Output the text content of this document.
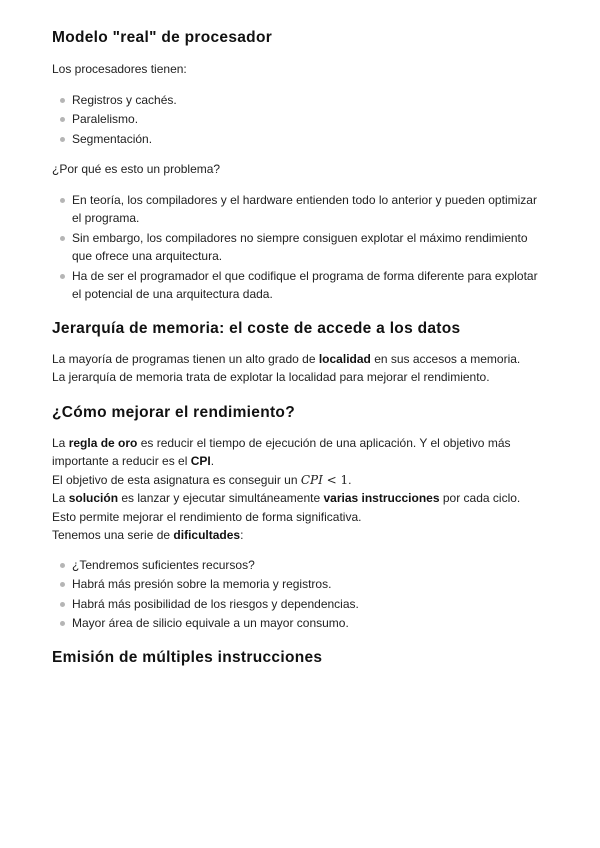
Modelo "real" de procesador

Los procesadores tienen:

Registros y cachés.
Paralelismo.
Segmentación.

¿Por qué es esto un problema?

En teoría, los compiladores y el hardware entienden todo lo anterior y pueden optimizar el programa.
Sin embargo, los compiladores no siempre consiguen explotar el máximo rendimiento que ofrece una arquitectura.
Ha de ser el programador el que codifique el programa de forma diferente para explotar el potencial de una arquitectura dada.
Jerarquía de memoria: el coste de accede a los datos

La mayoría de programas tienen un alto grado de localidad en sus accesos a memoria.

La jerarquía de memoria trata de explotar la localidad para mejorar el rendimiento.

¿Cómo mejorar el rendimiento?

La regla de oro es reducir el tiempo de ejecución de una aplicación. Y el objetivo más importante a reducir es el CPI.

El objetivo de esta asignatura es conseguir un CPI < 1.

La solución es lanzar y ejecutar simultáneamente varias instrucciones por cada ciclo.

Esto permite mejorar el rendimiento de forma significativa.

Tenemos una serie de dificultades:

¿Tendremos suficientes recursos?
Habrá más presión sobre la memoria y registros.
Habrá más posibilidad de los riesgos y dependencias.
Mayor área de silicio equivale a un mayor consumo.
Emisión de múltiples instrucciones
